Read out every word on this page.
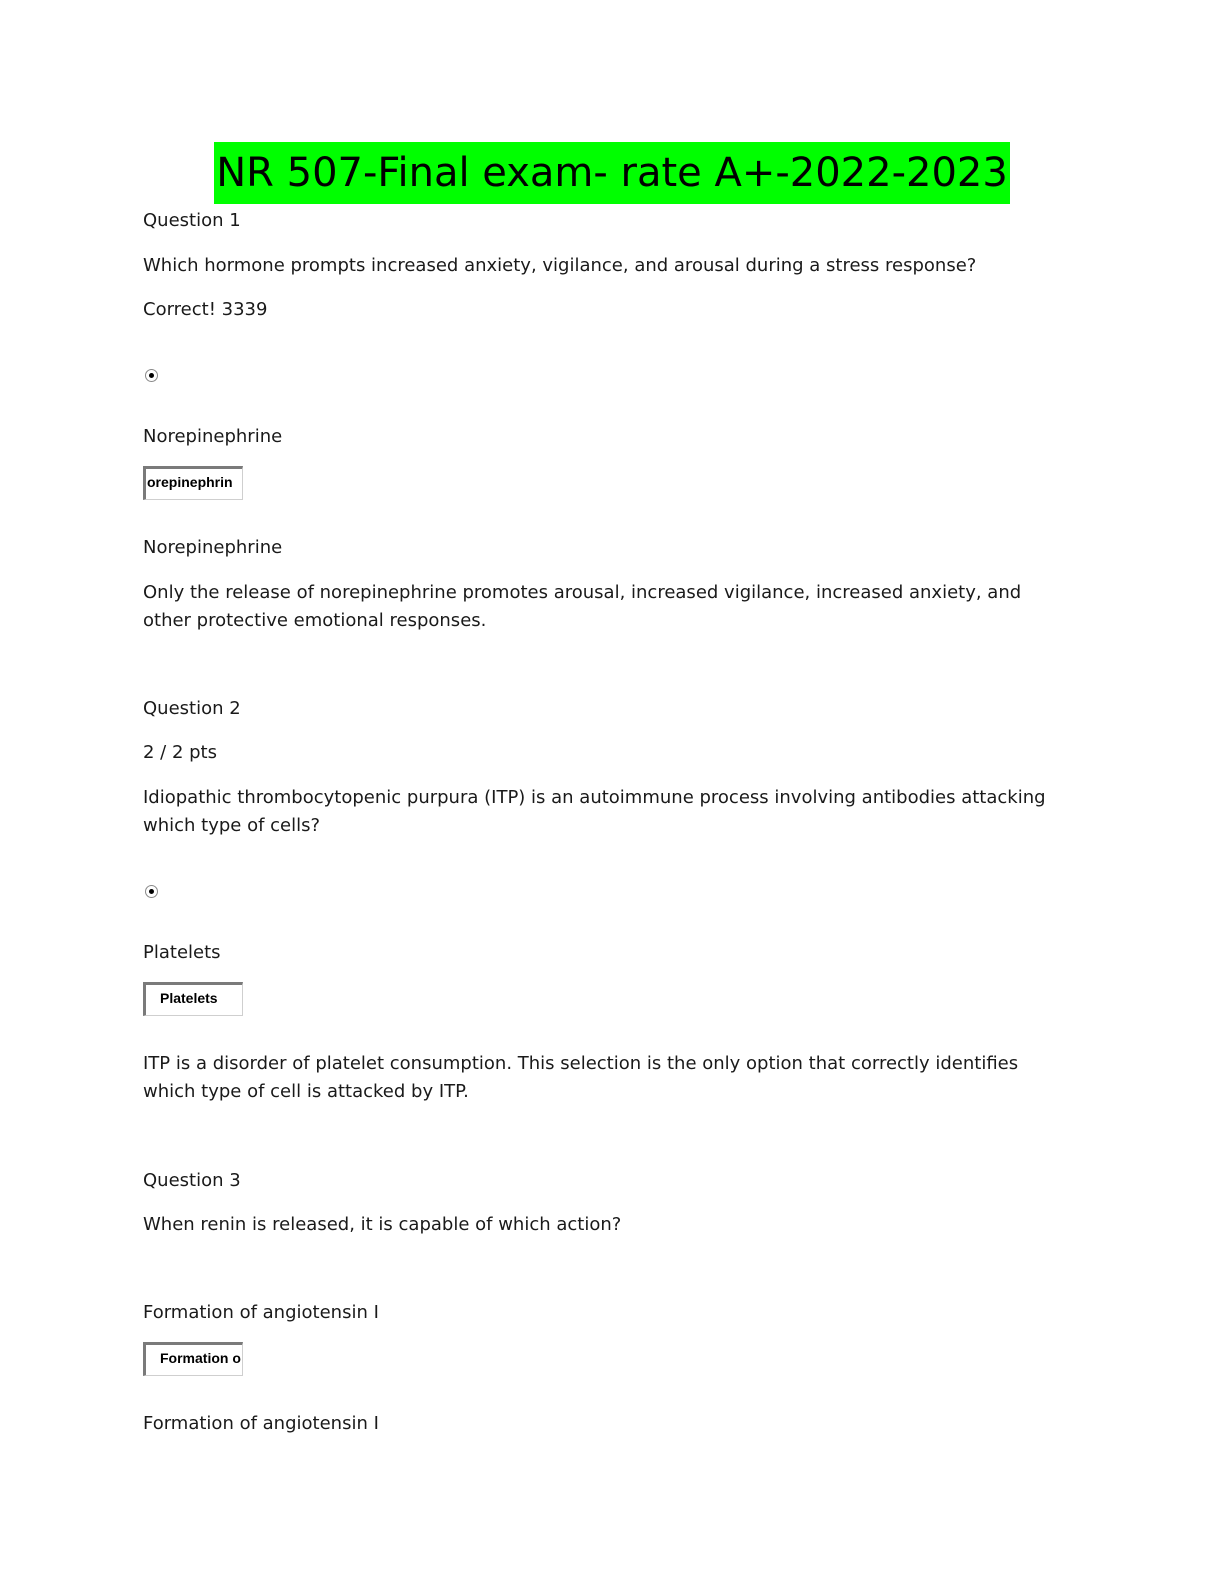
NR 507-Final exam- rate A+-2022-2023
Question 1
Which hormone prompts increased anxiety, vigilance, and arousal during a stress response?
Correct! 3339
Norepinephrine
orepinephrin
Norepinephrine
Only the release of norepinephrine promotes arousal, increased vigilance, increased anxiety, and other protective emotional responses.
Question 2
2 / 2 pts
Idiopathic thrombocytopenic purpura (ITP) is an autoimmune process involving antibodies attacking which type of cells?
Platelets
Platelets
ITP is a disorder of platelet consumption. This selection is the only option that correctly identifies which type of cell is attacked by ITP.
Question 3
When renin is released, it is capable of which action?
Formation of angiotensin I
Formation o
Formation of angiotensin I
